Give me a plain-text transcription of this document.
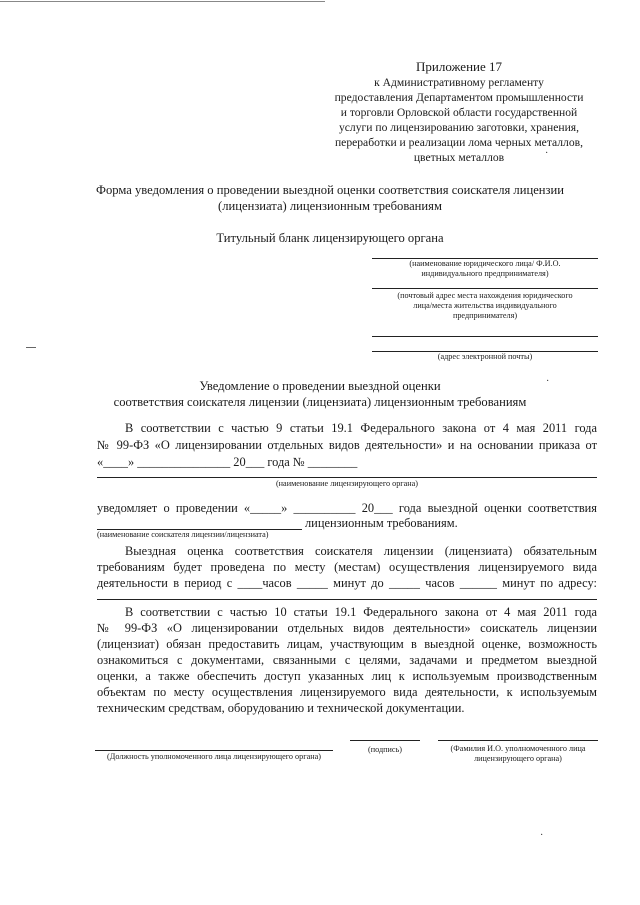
Приложение 17
к Административному регламенту
предоставления Департаментом промышленности
и торговли Орловской области государственной
услуги по лицензированию заготовки, хранения,
переработки и реализации лома черных металлов,
цветных металлов
Форма уведомления о проведении выездной оценки соответствия соискателя лицензии
(лицензиата) лицензионным требованиям
Титульный бланк лицензирующего органа
(наименование юридического лица/ Ф.И.О.
индивидуального предпринимателя)
(почтовый адрес места нахождения юридического
лица/места жительства индивидуального
предпринимателя)
(адрес электронной почты)
·
·
·
Уведомление о проведении выездной оценки
соответствия соискателя лицензии (лицензиата) лицензионным требованиям
В соответствии с частью 9 статьи 19.1 Федерального закона от 4 мая 2011 года
№ 99-ФЗ «О лицензировании отдельных видов деятельности» и на основании приказа от
«____» _______________ 20___ года № ________
(наименование лицензирующего органа)
уведомляет о проведении «_____» __________ 20___ года выездной оценки соответствия
лицензионным требованиям.
(наименование соискателя лицензии/лицензиата)
Выездная оценка соответствия соискателя лицензии (лицензиата) обязательным
требованиям будет проведена по месту (местам) осуществления лицензируемого вида
деятельности в период с ____часов _____ минут до _____ часов ______ минут по адресу:
В соответствии с частью 10 статьи 19.1 Федерального закона от 4 мая 2011 года
№ 99-ФЗ «О лицензировании отдельных видов деятельности» соискатель лицензии
(лицензиат) обязан предоставить лицам, участвующим в выездной оценке, возможность
ознакомиться с документами, связанными с целями, задачами и предметом выездной
оценки, а также обеспечить доступ указанных лиц к используемым производственным
объектам по месту осуществления лицензируемого вида деятельности, к используемым
техническим средствам, оборудованию и технической документации.
(Должность уполномоченного лица лицензирующего органа)
(подпись)	(Фамилия И.О. уполномоченного лица
лицензирующего органа)
